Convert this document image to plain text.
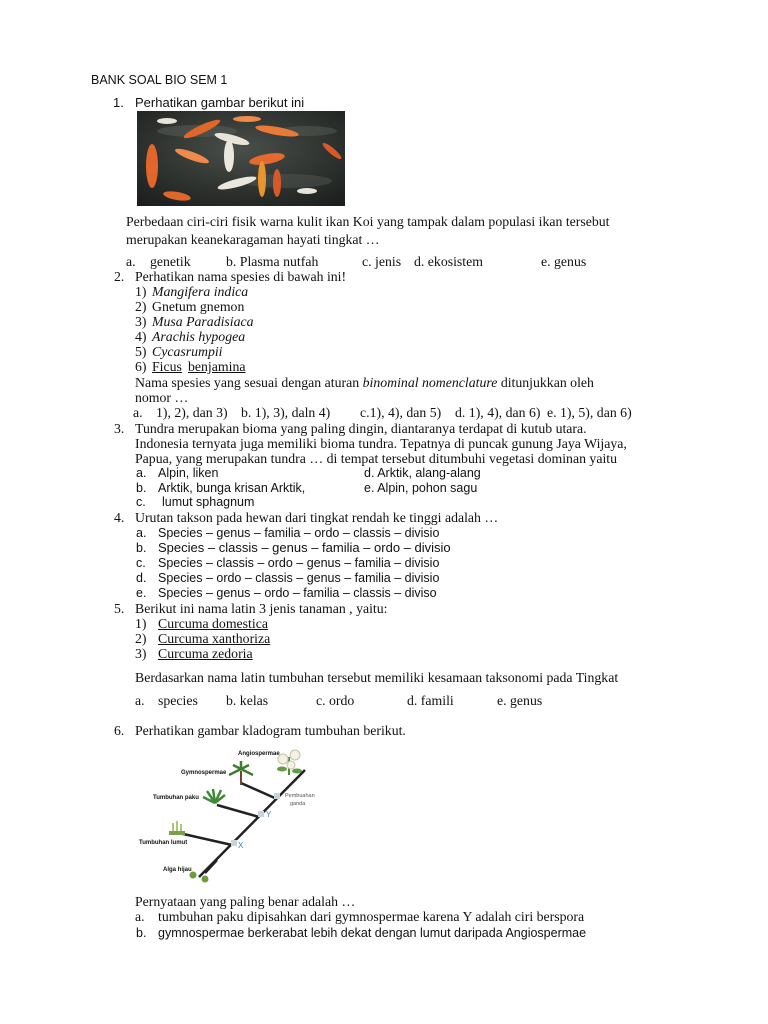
BANK SOAL BIO SEM 1
1. Perhatikan gambar berikut ini
Perbedaan ciri-ciri fisik warna kulit ikan Koi yang tampak dalam populasi ikan tersebut
merupakan keanekaragaman hayati tingkat …
a. genetik	b. Plasma nutfah	c. jenis d. ekosistem	e. genus
2. Perhatikan nama spesies di bawah ini!
1) Mangifera indica
2) Gnetum gnemon
3) Musa Paradisiaca
4) Arachis hypogea
5) Cycasrumpii
6) Ficus benjamina
Nama spesies yang sesuai dengan aturan binominal nomenclature ditunjukkan oleh
nomor …
a. 1), 2), dan 3) b. 1), 3), daln 4) c.1), 4), dan 5) d. 1), 4), dan 6) e. 1), 5), dan 6)
3. Tundra merupakan bioma yang paling dingin, diantaranya terdapat di kutub utara.
Indonesia ternyata juga memiliki bioma tundra. Tepatnya di puncak gunung Jaya Wijaya,
Papua, yang merupakan tundra … di tempat tersebut ditumbuhi vegetasi dominan yaitu
a. Alpin, liken	d. Arktik, alang-alang
b. Arktik, bunga krisan Arktik,	e. Alpin, pohon sagu
c. lumut sphagnum
4. Urutan takson pada hewan dari tingkat rendah ke tinggi adalah …
a. Species – genus – familia – ordo – classis – divisio
b. Species – classis – genus – familia – ordo – divisio
c. Species – classis – ordo – genus – familia – divisio
d. Species – ordo – classis – genus – familia – divisio
e. Species – genus – ordo – familia – classis – diviso
5. Berikut ini nama latin 3 jenis tanaman , yaitu:
1) Curcuma domestica
2) Curcuma xanthoriza
3) Curcuma zedoria
Berdasarkan nama latin tumbuhan tersebut memiliki kesamaan taksonomi pada Tingkat
a. species b. kelas	c. ordo	d. famili	e. genus
6. Perhatikan gambar kladogram tumbuhan berikut.
Angiospermae
Gymnospermae
Tumbuhan paku	Pembuahan
ganda
Y
X
Tumbuhan lumut
Alga hijau
Pernyataan yang paling benar adalah …
a. tumbuhan paku dipisahkan dari gymnospermae karena Y adalah ciri berspora
b. gymnospermae berkerabat lebih dekat dengan lumut daripada Angiospermae
